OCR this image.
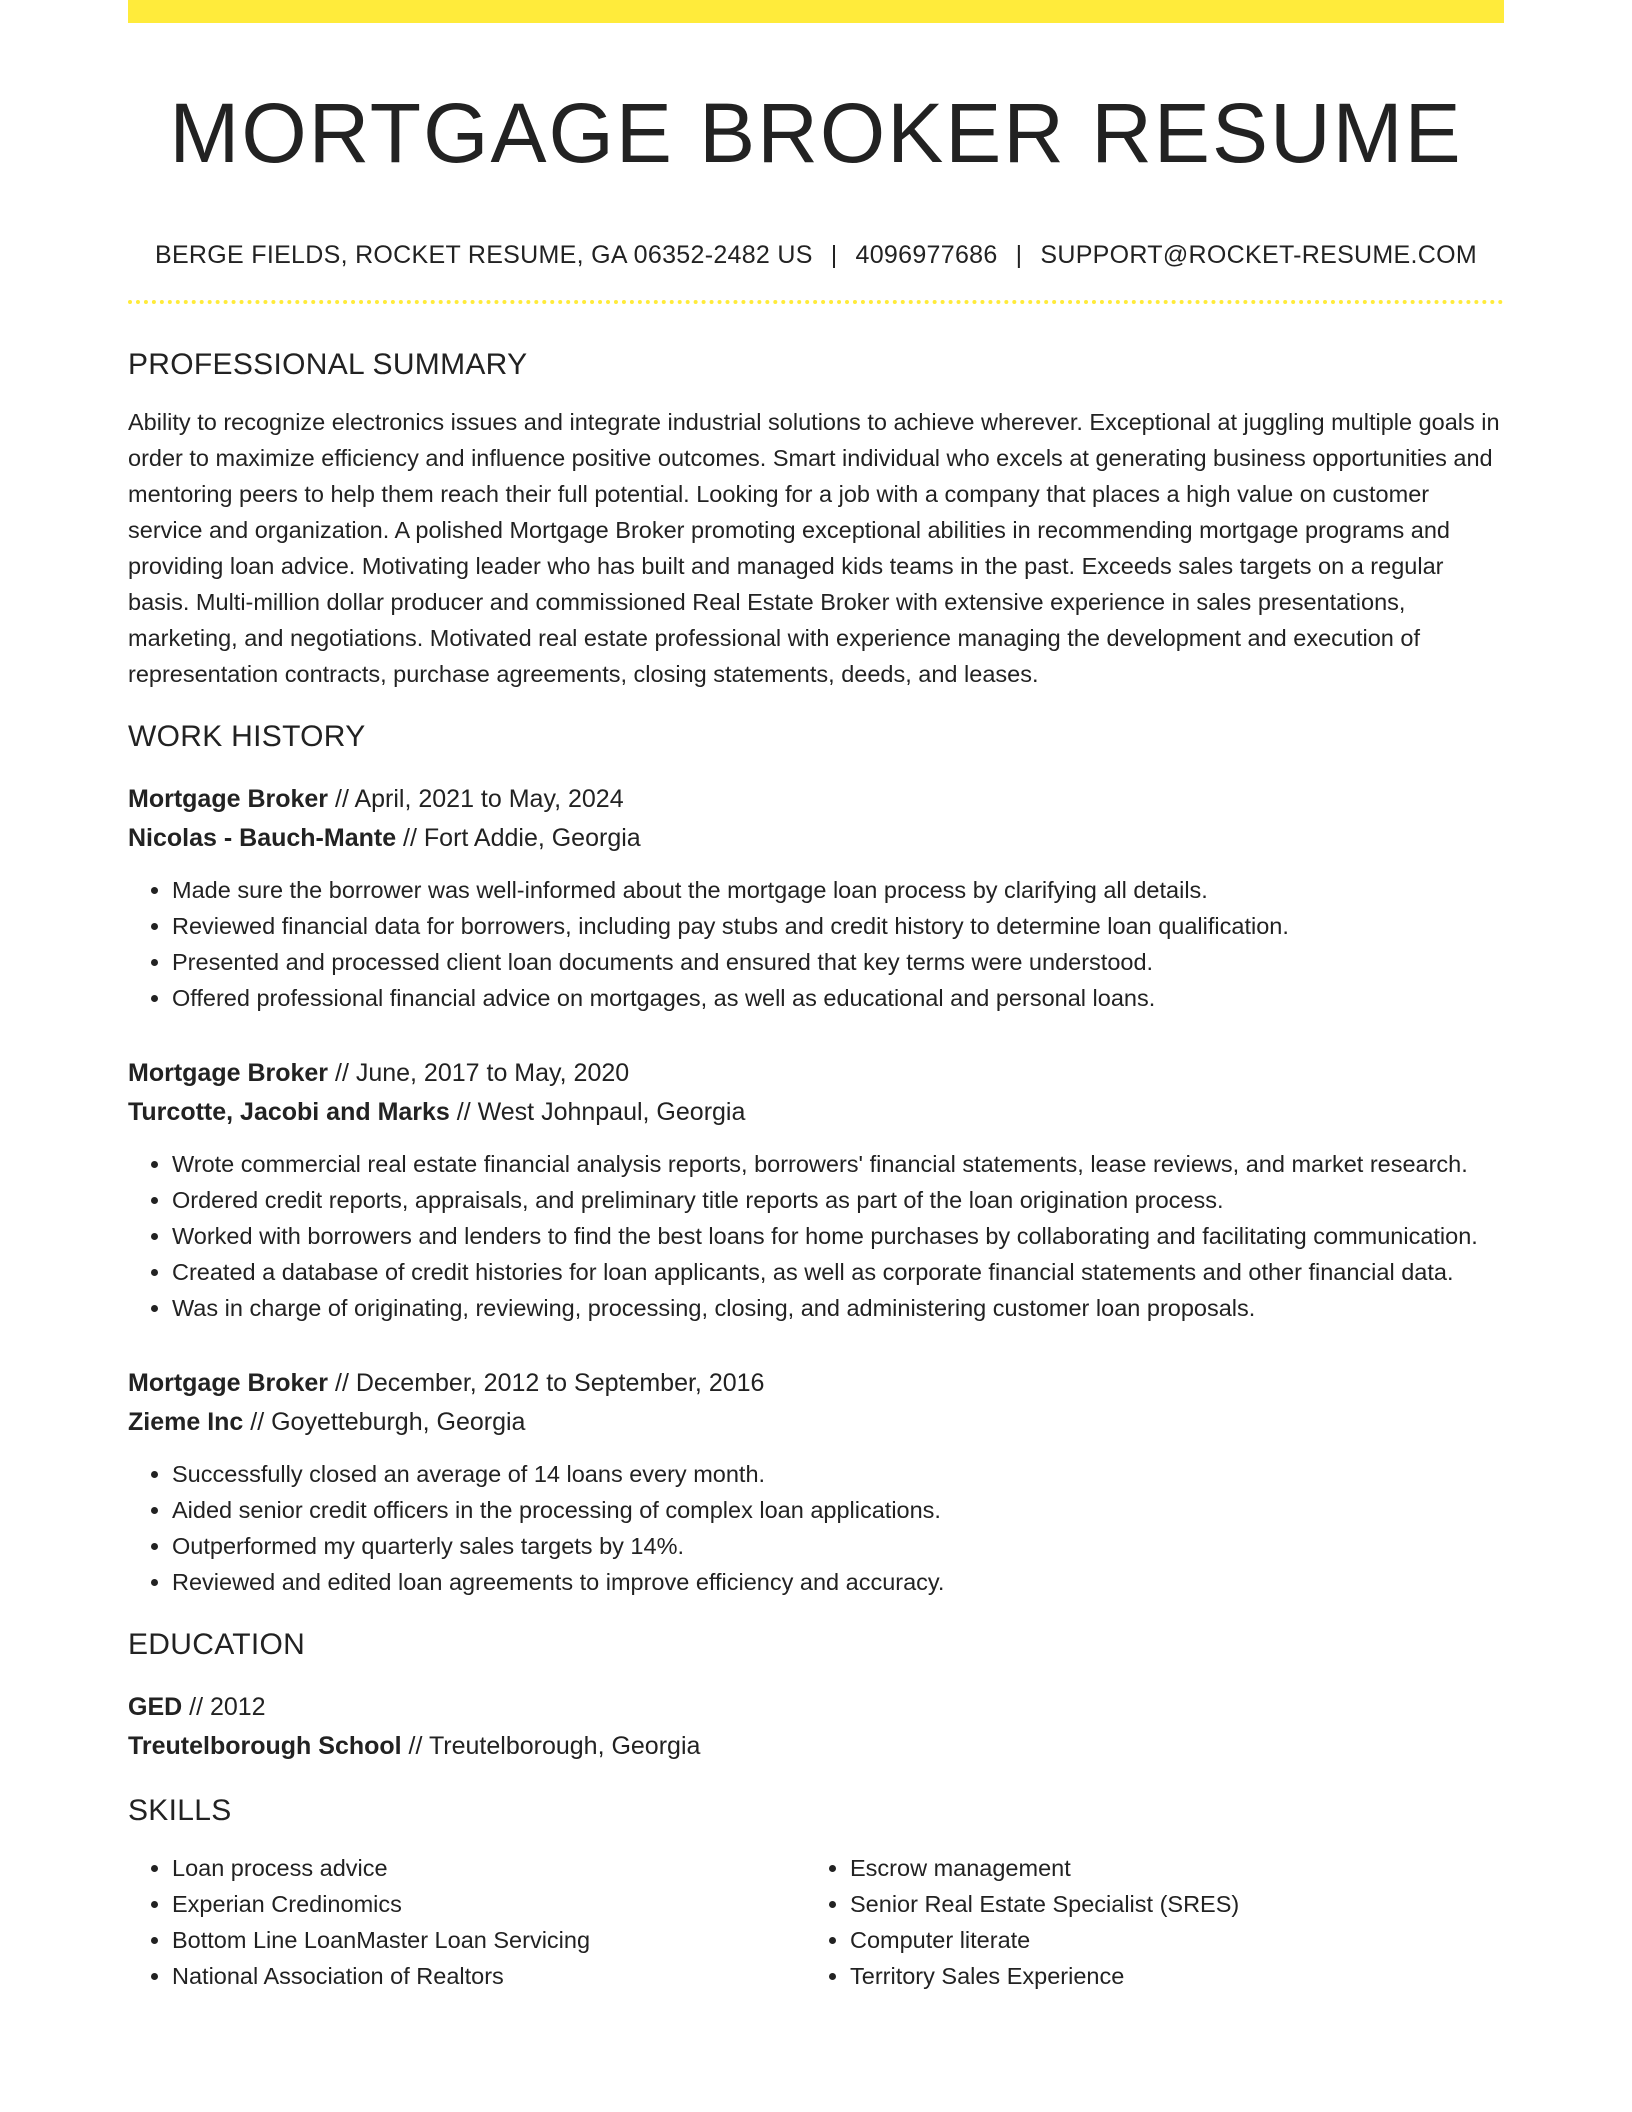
MORTGAGE BROKER RESUME
BERGE FIELDS, ROCKET RESUME, GA 06352-2482 US | 4096977686 | SUPPORT@ROCKET-RESUME.COM
PROFESSIONAL SUMMARY
Ability to recognize electronics issues and integrate industrial solutions to achieve wherever. Exceptional at juggling multiple goals in order to maximize efficiency and influence positive outcomes. Smart individual who excels at generating business opportunities and mentoring peers to help them reach their full potential. Looking for a job with a company that places a high value on customer service and organization. A polished Mortgage Broker promoting exceptional abilities in recommending mortgage programs and providing loan advice. Motivating leader who has built and managed kids teams in the past. Exceeds sales targets on a regular basis. Multi-million dollar producer and commissioned Real Estate Broker with extensive experience in sales presentations, marketing, and negotiations. Motivated real estate professional with experience managing the development and execution of representation contracts, purchase agreements, closing statements, deeds, and leases.
WORK HISTORY
Mortgage Broker // April, 2021 to May, 2024
Nicolas - Bauch-Mante // Fort Addie, Georgia
• Made sure the borrower was well-informed about the mortgage loan process by clarifying all details.
• Reviewed financial data for borrowers, including pay stubs and credit history to determine loan qualification.
• Presented and processed client loan documents and ensured that key terms were understood.
• Offered professional financial advice on mortgages, as well as educational and personal loans.
Mortgage Broker // June, 2017 to May, 2020
Turcotte, Jacobi and Marks // West Johnpaul, Georgia
• Wrote commercial real estate financial analysis reports, borrowers' financial statements, lease reviews, and market research.
• Ordered credit reports, appraisals, and preliminary title reports as part of the loan origination process.
• Worked with borrowers and lenders to find the best loans for home purchases by collaborating and facilitating communication.
• Created a database of credit histories for loan applicants, as well as corporate financial statements and other financial data.
• Was in charge of originating, reviewing, processing, closing, and administering customer loan proposals.
Mortgage Broker // December, 2012 to September, 2016
Zieme Inc // Goyetteburgh, Georgia
• Successfully closed an average of 14 loans every month.
• Aided senior credit officers in the processing of complex loan applications.
• Outperformed my quarterly sales targets by 14%.
• Reviewed and edited loan agreements to improve efficiency and accuracy.
EDUCATION
GED // 2012
Treutelborough School // Treutelborough, Georgia
SKILLS
• Loan process advice
• Experian Credinomics
• Bottom Line LoanMaster Loan Servicing
• National Association of Realtors
• Escrow management
• Senior Real Estate Specialist (SRES)
• Computer literate
• Territory Sales Experience
